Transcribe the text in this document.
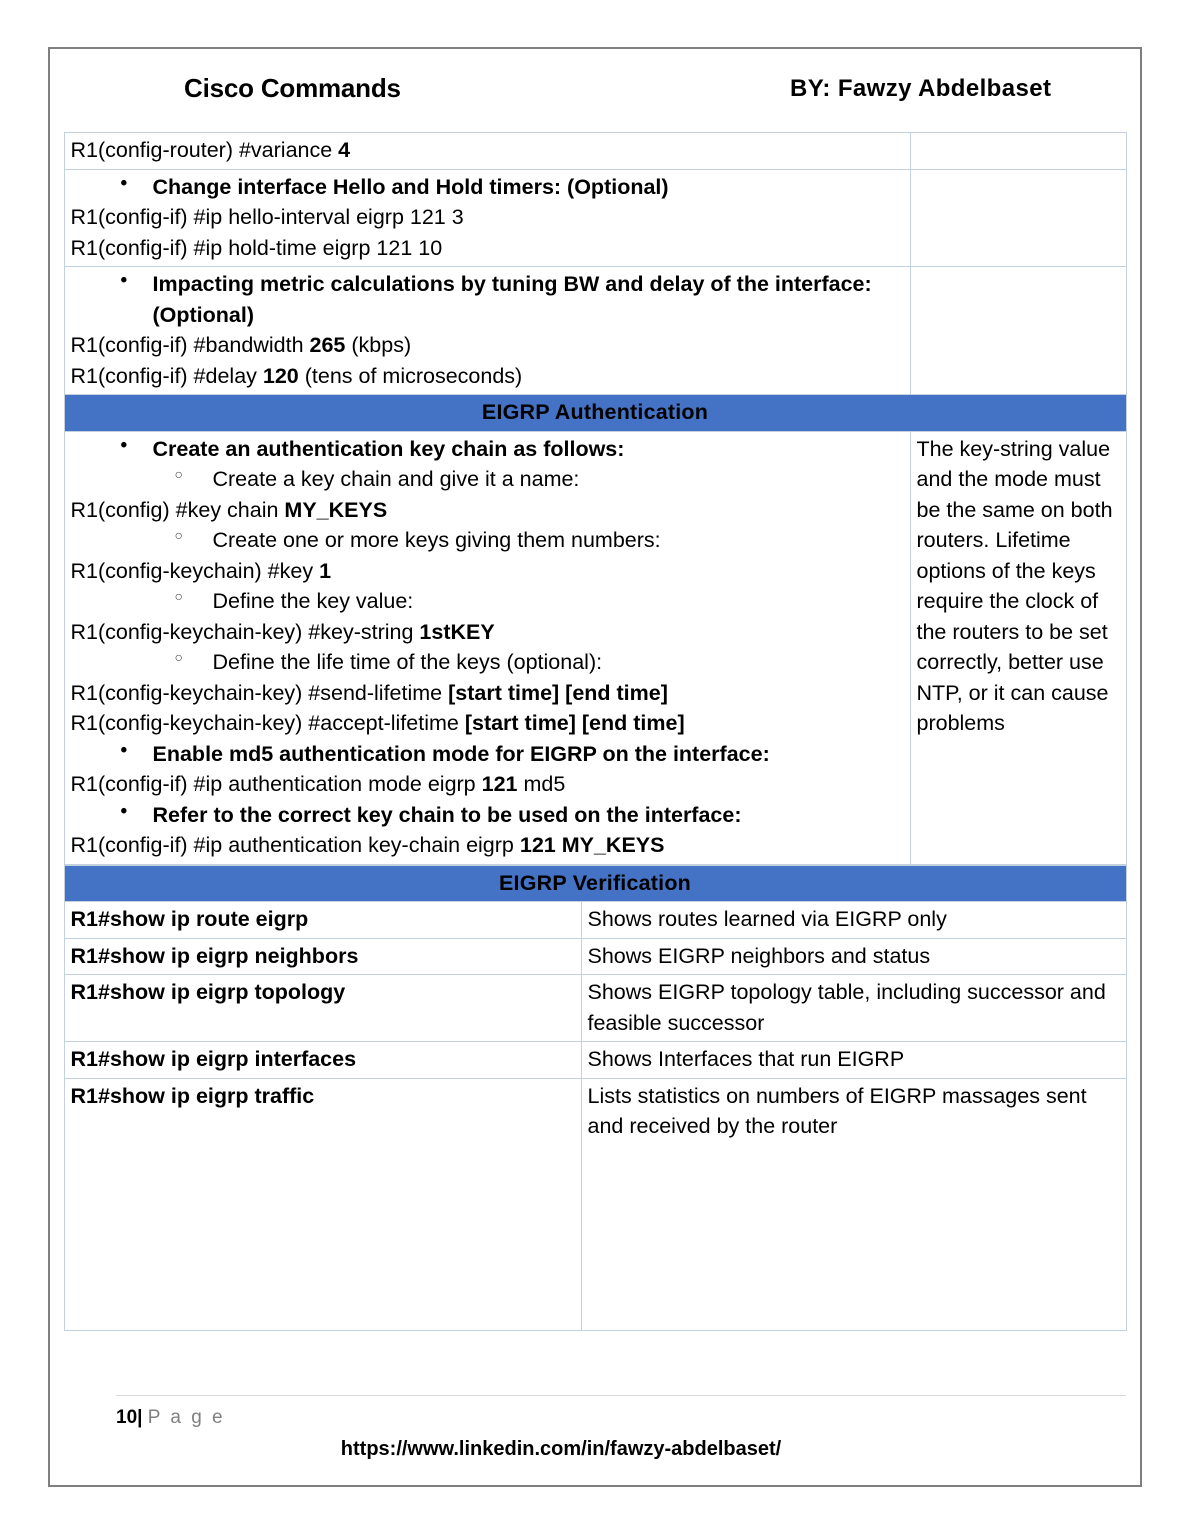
Cisco Commands	BY: Fawzy Abdelbaset
R1(config-router) #variance 4	

• Change interface Hello and Hold timers: (Optional)
R1(config-if) #ip hello-interval eigrp 121 3
R1(config-if) #ip hold-time eigrp 121 10

• Impacting metric calculations by tuning BW and delay of the interface: (Optional)
R1(config-if) #bandwidth 265 (kbps)
R1(config-if) #delay 120 (tens of microseconds)

EIGRP Authentication	

• Create an authentication key chain as follows:
○ Create a key chain and give it a name:
R1(config) #key chain MY_KEYS
○ Create one or more keys giving them numbers:
R1(config-keychain) #key 1
○ Define the key value:
R1(config-keychain-key) #key-string 1stKEY
○ Define the life time of the keys (optional):
R1(config-keychain-key) #send-lifetime [start time] [end time]
R1(config-keychain-key) #accept-lifetime [start time] [end time]
• Enable md5 authentication mode for EIGRP on the interface:
R1(config-if) #ip authentication mode eigrp 121 md5
• Refer to the correct key chain to be used on the interface:
R1(config-if) #ip authentication key-chain eigrp 121 MY_KEYS
	The key-string value and the mode must be the same on both routers. Lifetime options of the keys require the clock of the routers to be set correctly, better use NTP, or it can cause problems
EIGRP Verification	
R1#show ip route eigrp	Shows routes learned via EIGRP only
R1#show ip eigrp neighbors	Shows EIGRP neighbors and status
R1#show ip eigrp topology	Shows EIGRP topology table, including successor and feasible successor
R1#show ip eigrp interfaces	Shows Interfaces that run EIGRP
R1#show ip eigrp traffic	Lists statistics on numbers of EIGRP massages sent and received by the router
10| P a g e
https://www.linkedin.com/in/fawzy-abdelbaset/
